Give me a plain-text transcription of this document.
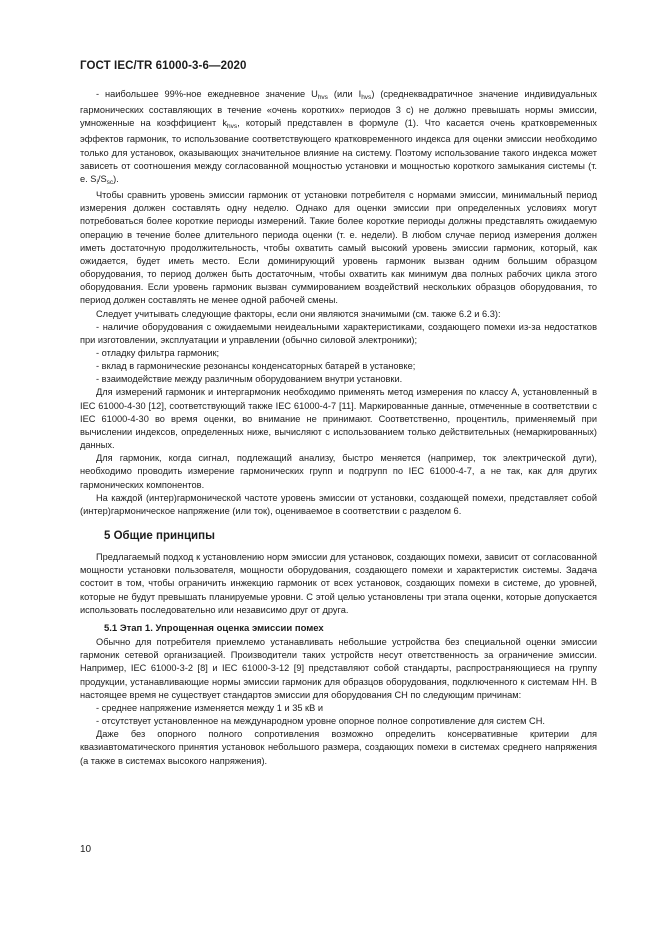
ГОСТ IEC/TR 61000-3-6—2020

- наибольшее 99%-ное ежедневное значение $U_{hvs}$ (или $I_{hvs}$) (среднеквадратичное значение индивидуальных гармонических составляющих в течение «очень коротких» периодов 3 с) не должно превышать нормы эмиссии, умноженные на коэффициент $k_{hvs}$, который представлен в формуле (1). Что касается очень кратковременных эффектов гармоник, то использование соответствующего кратковременного индекса для оценки эмиссии необходимо только для установок, оказывающих значительное влияние на систему. Поэтому использование такого индекса может зависеть от соотношения между согласованной мощностью установки и мощностью короткого замыкания системы (т. е. $S_i/S_{sc}$).

Чтобы сравнить уровень эмиссии гармоник от установки потребителя с нормами эмиссии, минимальный период измерения должен составлять одну неделю. Однако для оценки эмиссии при определенных условиях могут потребоваться более короткие периоды измерений. Такие более короткие периоды должны представлять ожидаемую операцию в течение более длительного периода оценки (т. е. недели). В любом случае период измерения должен иметь достаточную продолжительность, чтобы охватить самый высокий уровень эмиссии гармоник, который, как ожидается, будет иметь место. Если доминирующий уровень гармоник вызван одним большим образцом оборудования, то период должен быть достаточным, чтобы охватить как минимум два полных рабочих цикла этого оборудования. Если уровень гармоник вызван суммированием воздействий нескольких образцов оборудования, то период должен составлять не менее одной рабочей смены.

Следует учитывать следующие факторы, если они являются значимыми (см. также 6.2 и 6.3):

- наличие оборудования с ожидаемыми неидеальными характеристиками, создающего помехи из-за недостатков при изготовлении, эксплуатации и управлении (обычно силовой электроники);

- отладку фильтра гармоник;

- вклад в гармонические резонансы конденсаторных батарей в установке;

- взаимодействие между различным оборудованием внутри установки.

Для измерений гармоник и интергармоник необходимо применять метод измерения по классу А, установленный в IEC 61000-4-30 [12], соответствующий также IEC 61000-4-7 [11]. Маркированные данные, отмеченные в соответствии с IEC 61000-4-30 во время оценки, во внимание не принимают. Соответственно, процентиль, применяемый при вычислении индексов, определенных ниже, вычисляют с использованием только действительных (немаркированных) данных.

Для гармоник, когда сигнал, подлежащий анализу, быстро меняется (например, ток электрической дуги), необходимо проводить измерение гармонических групп и подгрупп по IEC 61000-4-7, а не так, как для других гармонических компонентов.

На каждой (интер)гармонической частоте уровень эмиссии от установки, создающей помехи, представляет собой (интер)гармоническое напряжение (или ток), оцениваемое в соответствии с разделом 6.

5 Общие принципы

Предлагаемый подход к установлению норм эмиссии для установок, создающих помехи, зависит от согласованной мощности установки пользователя, мощности оборудования, создающего помехи и характеристик системы. Задача состоит в том, чтобы ограничить инжекцию гармоник от всех установок, создающих помехи в системе, до уровней, которые не будут превышать планируемые уровни. С этой целью установлены три этапа оценки, которые допускается использовать последовательно или независимо друг от друга.

5.1 Этап 1. Упрощенная оценка эмиссии помех

Обычно для потребителя приемлемо устанавливать небольшие устройства без специальной оценки эмиссии гармоник сетевой организацией. Производители таких устройств несут ответственность за ограничение эмиссии. Например, IEC 61000-3-2 [8] и IEC 61000-3-12 [9] представляют собой стандарты, распространяющиеся на группу продукции, устанавливающие нормы эмиссии гармоник для образцов оборудования, подключенного к системам НН. В настоящее время не существует стандартов эмиссии для оборудования СН по следующим причинам:

- среднее напряжение изменяется между 1 и 35 кВ и

- отсутствует установленное на международном уровне опорное полное сопротивление для систем СН.

Даже без опорного полного сопротивления возможно определить консервативные критерии для квазиавтоматического принятия установок небольшого размера, создающих помехи в системах среднего напряжения (а также в системах высокого напряжения).

10
